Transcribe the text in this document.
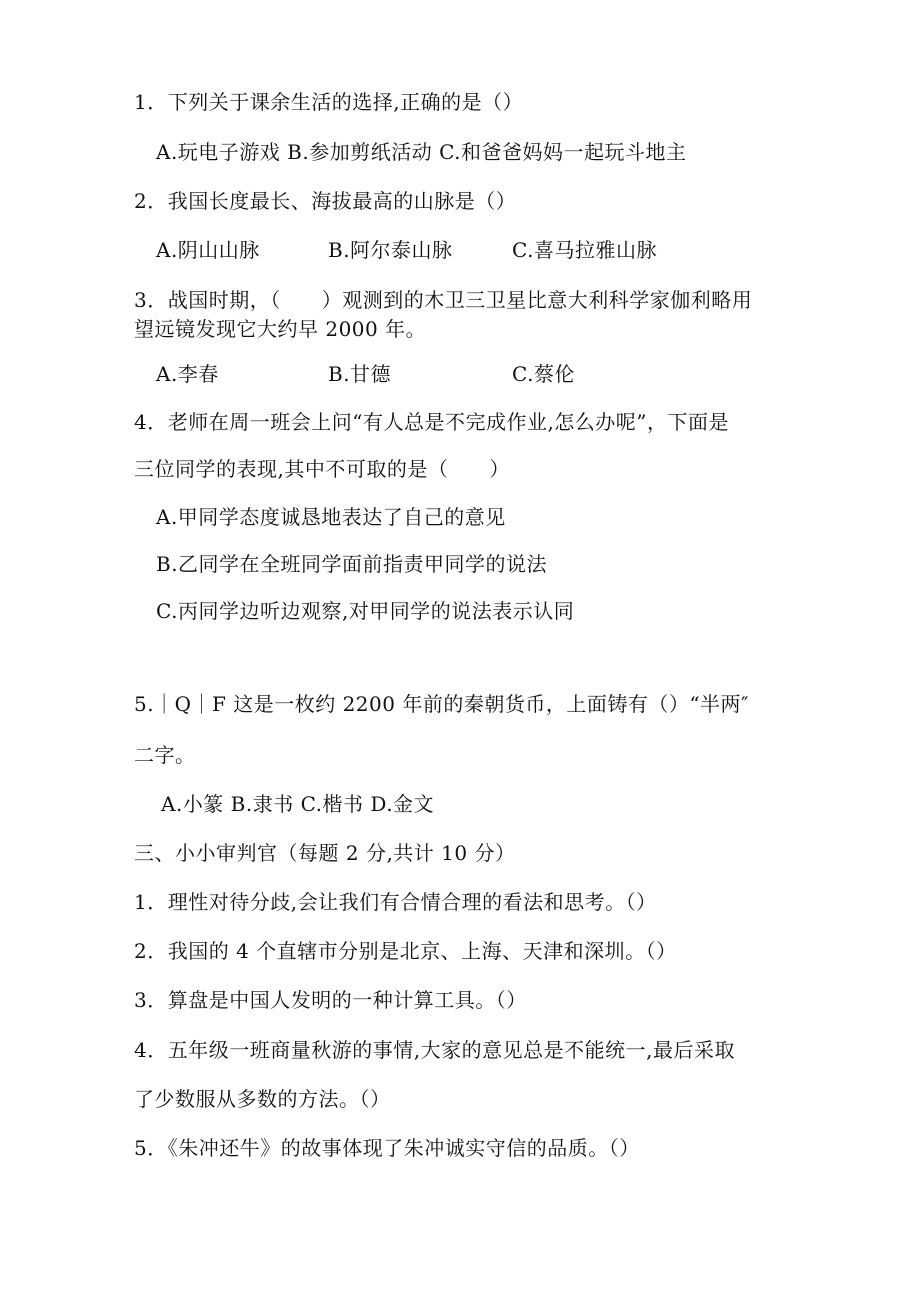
1．下列关于课余生活的选择,正确的是（）
A.玩电子游戏 B.参加剪纸活动 C.和爸爸妈妈一起玩斗地主
2．我国长度最长、海拔最高的山脉是（）
A.阴山山脉	B.阿尔泰山脉	C.喜马拉雅山脉
3．战国时期，（　　）观测到的木卫三卫星比意大利科学家伽利略用
望远镜发现它大约早 2000 年。
A.李春	B.甘德	C.蔡伦
4．老师在周一班会上问“有人总是不完成作业,怎么办呢”，下面是
三位同学的表现,其中不可取的是（　　）
A.甲同学态度诚恳地表达了自己的意见
B.乙同学在全班同学面前指责甲同学的说法
C.丙同学边听边观察,对甲同学的说法表示认同
5.｜Q｜F 这是一枚约 2200 年前的秦朝货币，上面铸有（）“半两″
二字。
A.小篆 B.隶书 C.楷书 D.金文
三、小小审判官（每题 2 分,共计 10 分）
1．理性对待分歧,会让我们有合情合理的看法和思考。（）
2．我国的 4 个直辖市分别是北京、上海、天津和深圳。（）
3．算盘是中国人发明的一种计算工具。（）
4．五年级一班商量秋游的事情,大家的意见总是不能统一,最后采取
了少数服从多数的方法。（）
5．《朱冲还牛》的故事体现了朱冲诚实守信的品质。（）
